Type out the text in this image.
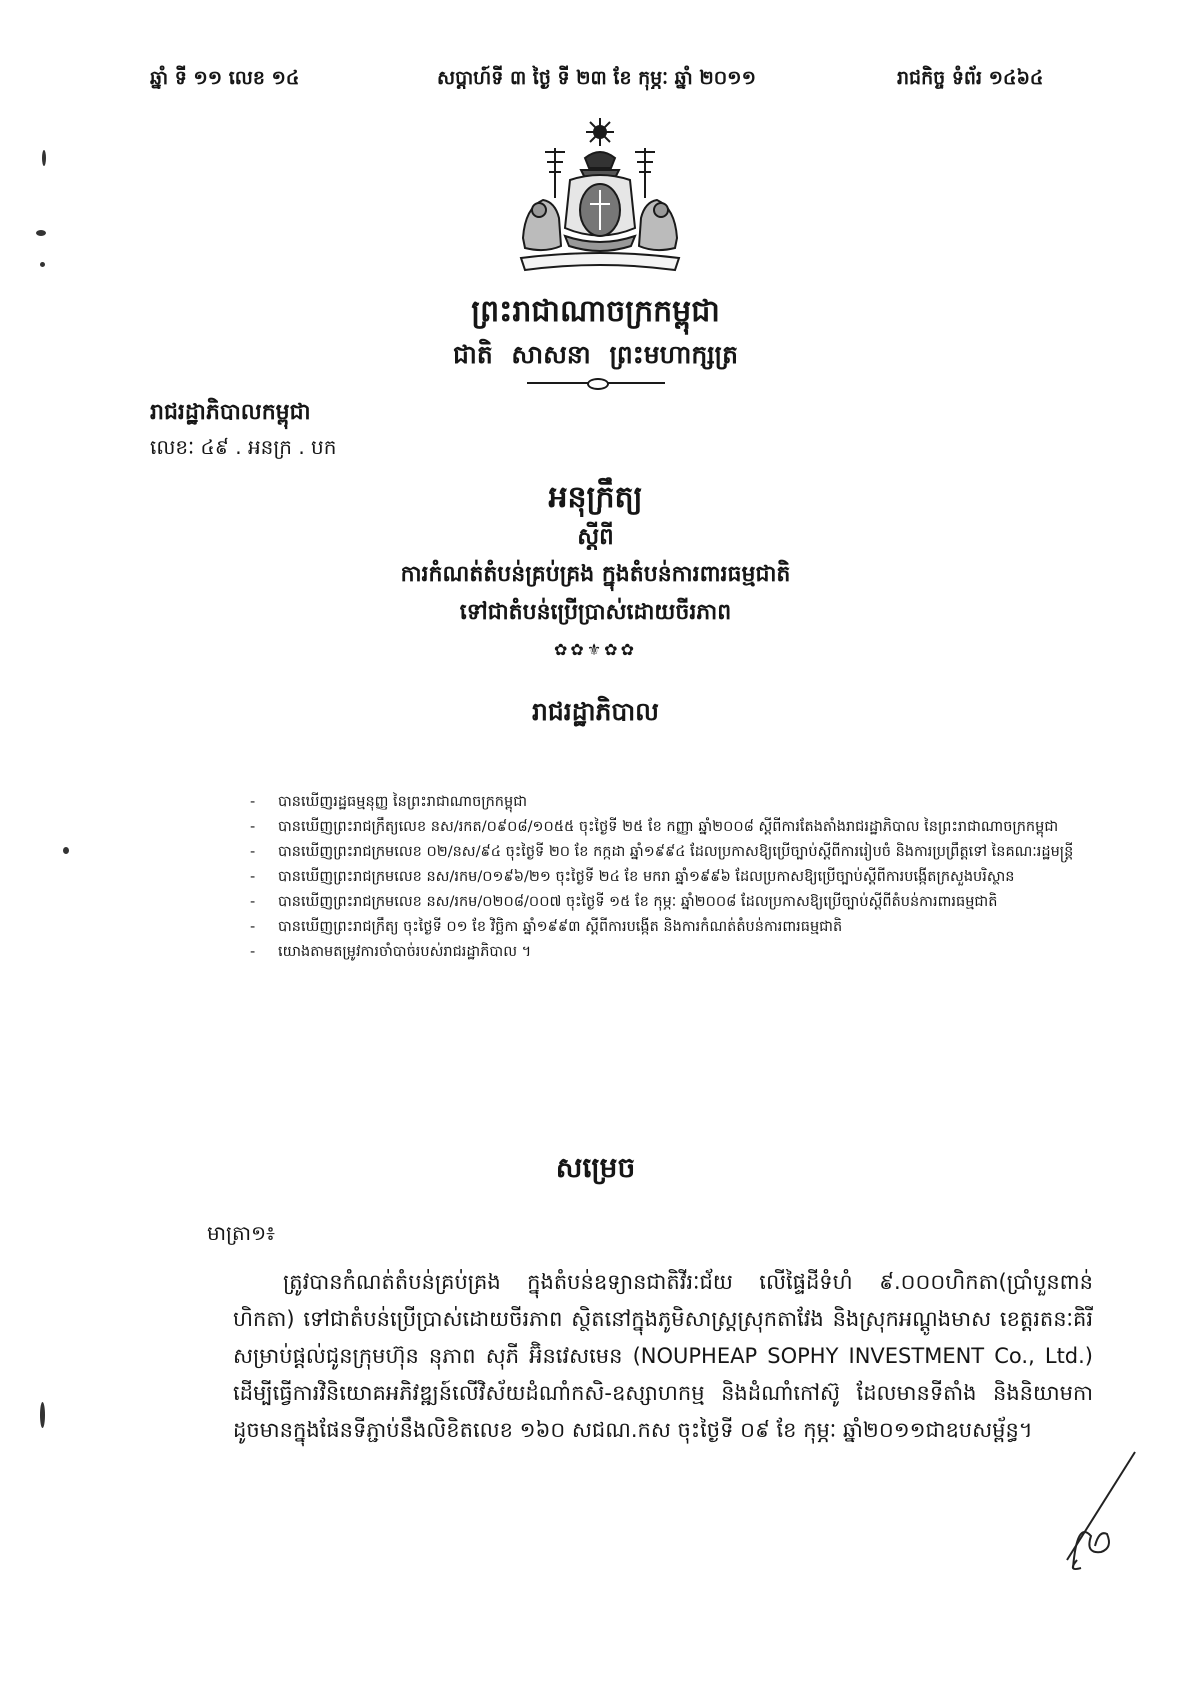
ឆ្នាំ ទី ១១ លេខ ១៤	សប្តាហ៍ទី ៣ ថ្ងៃ ទី ២៣ ខែ កុម្ភៈ ឆ្នាំ ២០១១	រាជកិច្ច ទំព័រ ១៤៦៤
ព្រះរាជាណាចក្រកម្ពុជា
ជាតិ សាសនា ព្រះមហាក្សត្រ
រាជរដ្ឋាភិបាលកម្ពុជា
លេខៈ ៤៩ . អនក្រ . បក
អនុក្រឹត្យ
ស្តីពី
ការកំណត់តំបន់គ្រប់គ្រង ក្នុងតំបន់ការពារធម្មជាតិ
ទៅជាតំបន់ប្រើប្រាស់ដោយចីរភាព
✿✿⚜✿✿
រាជរដ្ឋាភិបាល
- បានឃើញរដ្ឋធម្មនុញ្ញ នៃព្រះរាជាណាចក្រកម្ពុជា
- បានឃើញព្រះរាជក្រឹត្យលេខ នស/រកត/០៩០៨/១០៥៥ ចុះថ្ងៃទី ២៥ ខែ កញ្ញា ឆ្នាំ២០០៨ ស្តីពីការតែងតាំងរាជរដ្ឋាភិបាល នៃព្រះរាជាណាចក្រកម្ពុជា
- បានឃើញព្រះរាជក្រមលេខ ០២/នស/៩៤ ចុះថ្ងៃទី ២០ ខែ កក្កដា ឆ្នាំ១៩៩៤ ដែលប្រកាសឱ្យប្រើច្បាប់ស្តីពីការរៀបចំ និងការប្រព្រឹត្តទៅ នៃគណៈរដ្ឋមន្ត្រី
- បានឃើញព្រះរាជក្រមលេខ នស/រកម/០១៩៦/២១ ចុះថ្ងៃទី ២៤ ខែ មករា ឆ្នាំ១៩៩៦ ដែលប្រកាសឱ្យប្រើច្បាប់ស្តីពីការបង្កើតក្រសួងបរិស្ថាន
- បានឃើញព្រះរាជក្រមលេខ នស/រកម/០២០៨/០០៧ ចុះថ្ងៃទី ១៥ ខែ កុម្ភៈ ឆ្នាំ២០០៨ ដែលប្រកាសឱ្យប្រើច្បាប់ស្តីពីតំបន់ការពារធម្មជាតិ
- បានឃើញព្រះរាជក្រឹត្យ ចុះថ្ងៃទី ០១ ខែ វិច្ឆិកា ឆ្នាំ១៩៩៣ ស្តីពីការបង្កើត និងការកំណត់តំបន់ការពារធម្មជាតិ
- យោងតាមតម្រូវការចាំបាច់របស់រាជរដ្ឋាភិបាល ។
សម្រេច
មាត្រា១៖

ត្រូវបានកំណត់តំបន់គ្រប់គ្រង ក្នុងតំបន់ឧទ្យានជាតិវីរៈជ័យ លើផ្ទៃដីទំហំ ៩.០០០ហិកតា(ប្រាំបួនពាន់ហិកតា) ទៅជាតំបន់ប្រើប្រាស់ដោយចីរភាព ស្ថិតនៅក្នុងភូមិសាស្ត្រស្រុកតាវែង និងស្រុកអណ្តូងមាស ខេត្តរតនៈគិរី សម្រាប់ផ្តល់ជូនក្រុមហ៊ុន នុភាព សុភី អ៊ិនវេសមេន (NOUPHEAP SOPHY INVESTMENT Co., Ltd.) ដើម្បីធ្វើការវិនិយោគអភិវឌ្ឍន៍លើវិស័យដំណាំកសិ-ឧស្សាហកម្ម និងដំណាំកៅស៊ូ ដែលមានទីតាំង និងនិយាមកា ដូចមានក្នុងផែនទីភ្ជាប់នឹងលិខិតលេខ ១៦០ សជណ.កស ចុះថ្ងៃទី ០៩ ខែ កុម្ភៈ ឆ្នាំ២០១១ជាឧបសម្ព័ន្ធ។
